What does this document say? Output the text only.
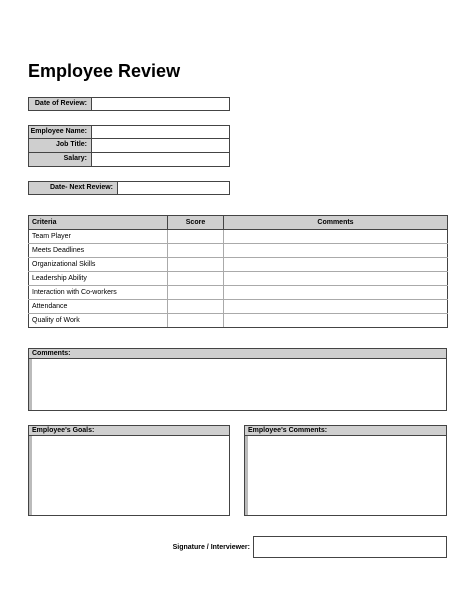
Employee Review
Date of Review:
Employee Name:
Job Title:
Salary:
Date- Next Review:
Criteria	Score	Comments
Team Player		
Meets Deadlines		
Organizational Skills		
Leadership Ability		
Interaction with Co-workers		
Attendance		
Quality of Work		
Comments:
Employee's Goals:	Employee's Comments:
Signature / Interviewer:
